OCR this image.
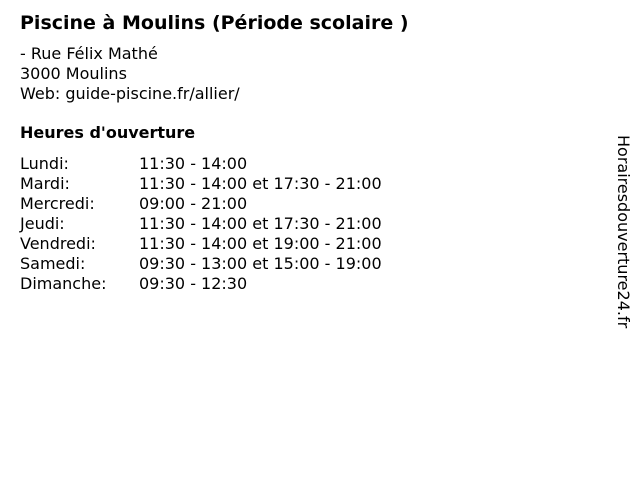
Piscine à Moulins (Période scolaire )
- Rue Félix Mathé
3000 Moulins
Web: guide-piscine.fr/allier/
Heures d'ouverture
Lundi:	11:30 - 14:00
Mardi:	11:30 - 14:00 et 17:30 - 21:00
Mercredi:	09:00 - 21:00
Jeudi:	11:30 - 14:00 et 17:30 - 21:00
Vendredi:	11:30 - 14:00 et 19:00 - 21:00
Samedi:	09:30 - 13:00 et 15:00 - 19:00
Dimanche: 09:30 - 12:30	Horairesdouverture24.fr
